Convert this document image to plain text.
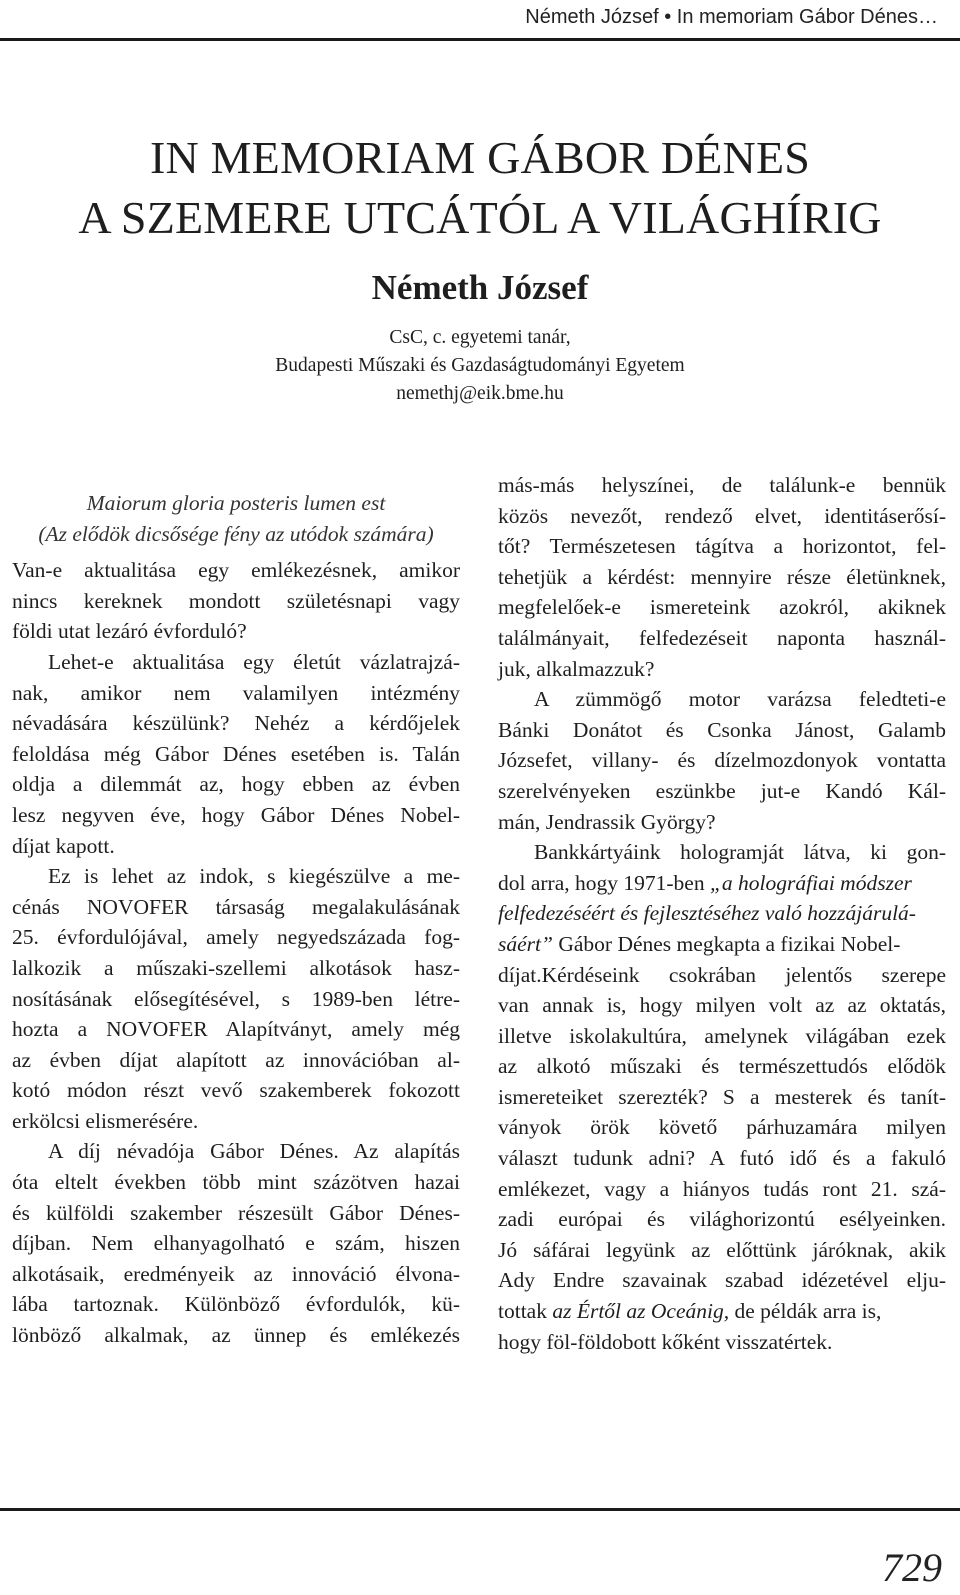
Németh József • In memoriam Gábor Dénes…
IN MEMORIAM GÁBOR DÉNES
A SZEMERE UTCÁTÓL A VILÁGHÍRIG
Németh József
CsC, c. egyetemi tanár,
Budapesti Műszaki és Gazdaságtudományi Egyetem
nemethj@eik.bme.hu
Maiorum gloria posteris lumen est
(Az elődök dicsősége fény az utódok számára)
Van-e aktualitása egy emlékezésnek, amikor
nincs kereknek mondott születésnapi vagy
földi utat lezáró évforduló?
Lehet-e aktualitása egy életút vázlatrajzá-
nak, amikor nem valamilyen intézmény
névadására készülünk? Nehéz a kérdőjelek
feloldása még Gábor Dénes esetében is. Talán
oldja a dilemmát az, hogy ebben az évben
lesz negyven éve, hogy Gábor Dénes Nobel-
díjat kapott.
Ez is lehet az indok, s kiegészülve a me-
cénás NOVOFER társaság megalakulásának
25. évfordulójával, amely negyedszázada fog-
lalkozik a műszaki-szellemi alkotások hasz-
nosításának elősegítésével, s 1989-ben létre-
hozta a NOVOFER Alapítványt, amely még
az évben díjat alapított az innovációban al-
kotó módon részt vevő szakemberek fokozott
erkölcsi elismerésére.
A díj névadója Gábor Dénes. Az alapítás
óta eltelt években több mint százötven hazai
és külföldi szakember részesült Gábor Dénes-
díjban. Nem elhanyagolható e szám, hiszen
alkotásaik, eredményeik az innováció élvona-
lába tartoznak. Különböző évfordulók, kü-
lönböző alkalmak, az ünnep és emlékezés
más-más helyszínei, de találunk-e bennük
közös nevezőt, rendező elvet, identitáserősí-
tőt? Természetesen tágítva a horizontot, fel-
tehetjük a kérdést: mennyire része életünknek,
megfelelőek-e ismereteink azokról, akiknek
találmányait, felfedezéseit naponta használ-
juk, alkalmazzuk?
A zümmögő motor varázsa feledteti-e
Bánki Donátot és Csonka Jánost, Galamb
Józsefet, villany- és dízelmozdonyok vontatta
szerelvényeken eszünkbe jut-e Kandó Kál-
mán, Jendrassik György?
Bankkártyáink hologramját látva, ki gon-
dol arra, hogy 1971-ben „a holográfiai módszer
felfedezéséért és fejlesztéséhez való hozzájárulá-
sáért” Gábor Dénes megkapta a fizikai Nobel-
díjat.Kérdéseink csokrában jelentős szerepe
van annak is, hogy milyen volt az az oktatás,
illetve iskolakultúra, amelynek világában ezek
az alkotó műszaki és természettudós elődök
ismereteiket szerezték? S a mesterek és tanít-
ványok örök követő párhuzamára milyen
választ tudunk adni? A futó idő és a fakuló
emlékezet, vagy a hiányos tudás ront 21. szá-
zadi európai és világhorizontú esélyeinken.
Jó sáfárai legyünk az előttünk járóknak, akik
Ady Endre szavainak szabad idézetével elju-
tottak az Értől az Oceánig, de példák arra is,
hogy föl-földobott kőként visszatértek.
729
